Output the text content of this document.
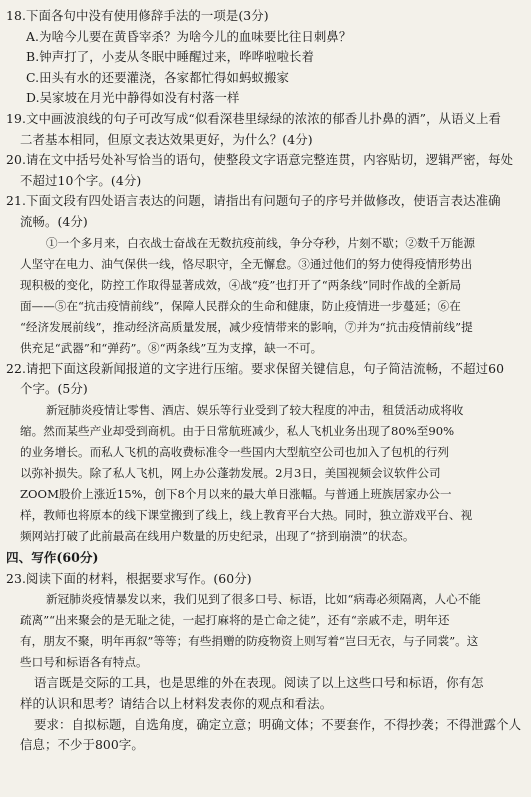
18.下面各句中没有使用修辞手法的一项是(3分)
A.为啥今儿要在黄昏宰杀？为啥今儿的血味要比往日刺鼻？
B.钟声打了，小麦从冬眠中睡醒过来，哗哗啦啦长着
C.田头有水的还要灌浇，各家都忙得如蚂蚁搬家
D.吴家坡在月光中静得如没有村落一样
19.文中画波浪线的句子可改写成“似看深巷里绿绿的浓浓的郁香儿扑鼻的酒”，从语义上看
二者基本相同，但原文表达效果更好，为什么？(4分)
20.请在文中括号处补写恰当的语句，使整段文字语意完整连贯，内容贴切，逻辑严密，每处
不超过10个字。(4分)
21.下面文段有四处语言表达的问题，请指出有问题句子的序号并做修改，使语言表达准确
流畅。(4分)
①一个多月来，白衣战士奋战在无数抗疫前线，争分夺秒，片刻不歇；②数千万能源
人坚守在电力、油气保供一线，恪尽职守，全无懈怠。③通过他们的努力使得疫情形势出
现积极的变化，防控工作取得显著成效，④战“疫”也打开了“两条线”同时作战的全新局
面——⑤在“抗击疫情前线”，保障人民群众的生命和健康，防止疫情进一步蔓延；⑥在
“经济发展前线”，推动经济高质量发展，减少疫情带来的影响，⑦并为“抗击疫情前线”提
供充足“武器”和“弹药”。⑧“两条线”互为支撑，缺一不可。
22.请把下面这段新闻报道的文字进行压缩。要求保留关键信息，句子简洁流畅，不超过60
个字。(5分)
新冠肺炎疫情让零售、酒店、娱乐等行业受到了较大程度的冲击，租赁活动成将收
缩。然而某些产业却受到商机。由于日常航班减少，私人飞机业务出现了80%至90%
的业务增长。而私人飞机的高收费标准令一些国内大型航空公司也加入了包机的行列
以弥补损失。除了私人飞机，网上办公蓬勃发展。2月3日，美国视频会议软件公司
ZOOM股价上涨近15%，创下8个月以来的最大单日涨幅。与普通上班族居家办公一
样，教师也将原本的线下课堂搬到了线上，线上教育平台大热。同时，独立游戏平台、视
频网站打破了此前最高在线用户数量的历史纪录，出现了“挤到崩溃”的状态。
四、写作(60分)
23.阅读下面的材料，根据要求写作。(60分)
新冠肺炎疫情暴发以来，我们见到了很多口号、标语，比如“病毒必须隔离，人心不能
疏离”“出来聚会的是无耻之徒，一起打麻将的是亡命之徒”，还有“亲戚不走，明年还
有，朋友不聚，明年再叙”等等；有些捐赠的防疫物资上则写着“岂曰无衣，与子同裳”。这
些口号和标语各有特点。
语言既是交际的工具，也是思维的外在表现。阅读了以上这些口号和标语，你有怎
样的认识和思考？请结合以上材料发表你的观点和看法。
要求：自拟标题，自选角度，确定立意；明确文体；不要套作，不得抄袭；不得泄露个人
信息；不少于800字。
